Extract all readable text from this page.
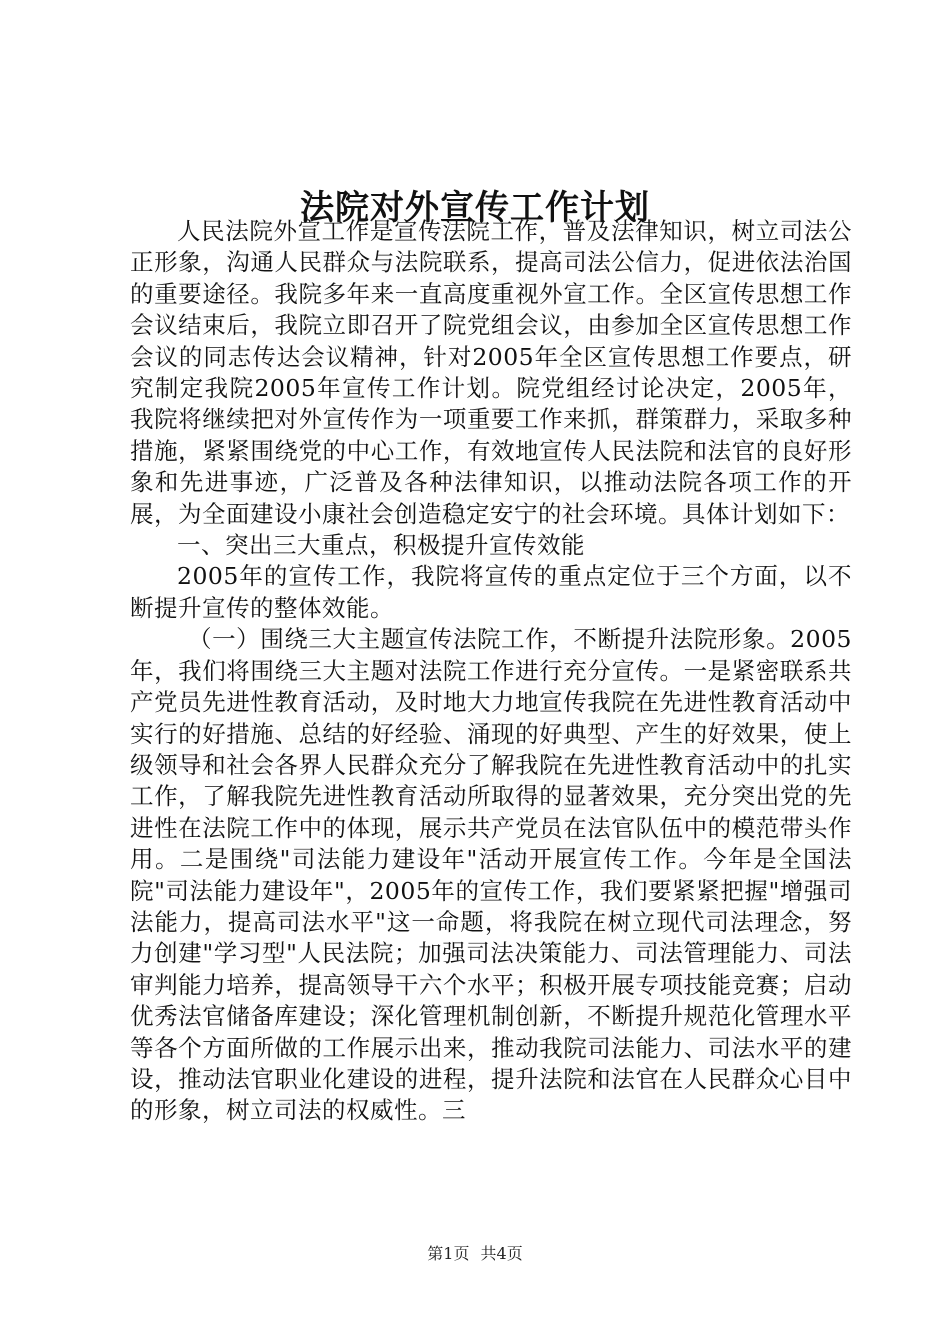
法院对外宣传工作计划

人民法院外宣工作是宣传法院工作，普及法律知识，树立司法公正形象，沟通人民群众与法院联系，提高司法公信力，促进依法治国的重要途径。我院多年来一直高度重视外宣工作。全区宣传思想工作会议结束后，我院立即召开了院党组会议，由参加全区宣传思想工作会议的同志传达会议精神，针对2005年全区宣传思想工作要点，研究制定我院2005年宣传工作计划。院党组经讨论决定，2005年，我院将继续把对外宣传作为一项重要工作来抓，群策群力，采取多种措施，紧紧围绕党的中心工作，有效地宣传人民法院和法官的良好形象和先进事迹，广泛普及各种法律知识，以推动法院各项工作的开展，为全面建设小康社会创造稳定安宁的社会环境。具体计划如下：

一、突出三大重点，积极提升宣传效能

2005年的宣传工作，我院将宣传的重点定位于三个方面，以不断提升宣传的整体效能。

（一）围绕三大主题宣传法院工作，不断提升法院形象。2005年，我们将围绕三大主题对法院工作进行充分宣传。一是紧密联系共产党员先进性教育活动，及时地大力地宣传我院在先进性教育活动中实行的好措施、总结的好经验、涌现的好典型、产生的好效果，使上级领导和社会各界人民群众充分了解我院在先进性教育活动中的扎实工作，了解我院先进性教育活动所取得的显著效果，充分突出党的先进性在法院工作中的体现，展示共产党员在法官队伍中的模范带头作用。二是围绕"司法能力建设年"活动开展宣传工作。今年是全国法院"司法能力建设年"，2005年的宣传工作，我们要紧紧把握"增强司法能力，提高司法水平"这一命题，将我院在树立现代司法理念，努力创建"学习型"人民法院；加强司法决策能力、司法管理能力、司法审判能力培养，提高领导干六个水平；积极开展专项技能竞赛；启动优秀法官储备库建设；深化管理机制创新，不断提升规范化管理水平等各个方面所做的工作展示出来，推动我院司法能力、司法水平的建设，推动法官职业化建设的进程，提升法院和法官在人民群众心目中的形象，树立司法的权威性。三

第1页 共4页
